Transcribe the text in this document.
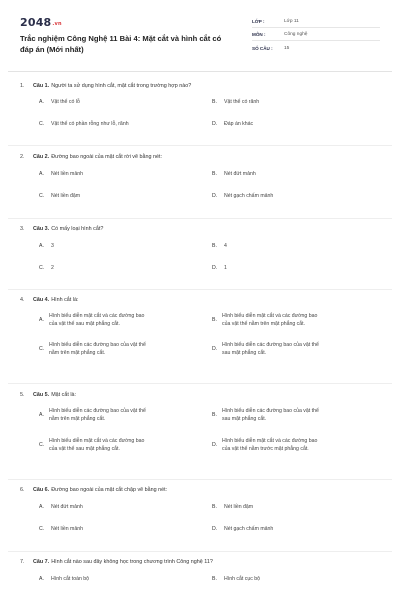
2048.vn
Trắc nghiệm Công Nghệ 11 Bài 4: Mặt cắt và hình cắt có đáp án (Mới nhất)
LỚP :	Lớp 11
MÔN :	Công nghệ
SỐ CÂU :	15
1.	Câu 1. Người ta sử dụng hình cắt, mặt cắt trong trường hợp nào?
A.	Vật thể có lỗ	B.	Vật thể có rãnh
C.	Vật thể có phần rỗng như lỗ, rãnh	D.	Đáp án khác
2.	Câu 2. Đường bao ngoài của mặt cắt rời vẽ bằng nét:
A.	Nét liền mảnh	B.	Nét đứt mảnh
C.	Nét liền đậm	D.	Nét gạch chấm mảnh
3.	Câu 3. Có mấy loại hình cắt?
A.	3	B.	4
C.	2	D.	1
4.	Câu 4. Hình cắt là:
A.
Hình biểu diễn mặt cắt và các đường bao
của vật thể sau mặt phẳng cắt.
B.
Hình biểu diễn mặt cắt và các đường bao
của vật thể nằm trên mặt phẳng cắt.
C.
Hình biểu diễn các đường bao của vật thể
nằm trên mặt phẳng cắt.
D.
Hình biểu diễn các đường bao của vật thể
sau mặt phẳng cắt.
5.	Câu 5. Mặt cắt là:
A.
Hình biểu diễn các đường bao của vật thể
nằm trên mặt phẳng cắt.
B.
Hình biểu diễn các đường bao của vật thể
sau mặt phẳng cắt.
C.
Hình biểu diễn mặt cắt và các đường bao
của vật thể sau mặt phẳng cắt.
D.
Hình biểu diễn mặt cắt và các đường bao
của vật thể nằm trước mặt phẳng cắt.
6.	Câu 6. Đường bao ngoài của mặt cắt chập vẽ bằng nét:
A.	Nét đứt mảnh	B.	Nét liền đậm
C.	Nét liền mảnh	D.	Nét gạch chấm mảnh
7.	Câu 7. Hình cắt nào sau đây không học trong chương trình Công nghệ 11?
A.	Hình cắt toàn bộ	B.	Hình cắt cục bộ
